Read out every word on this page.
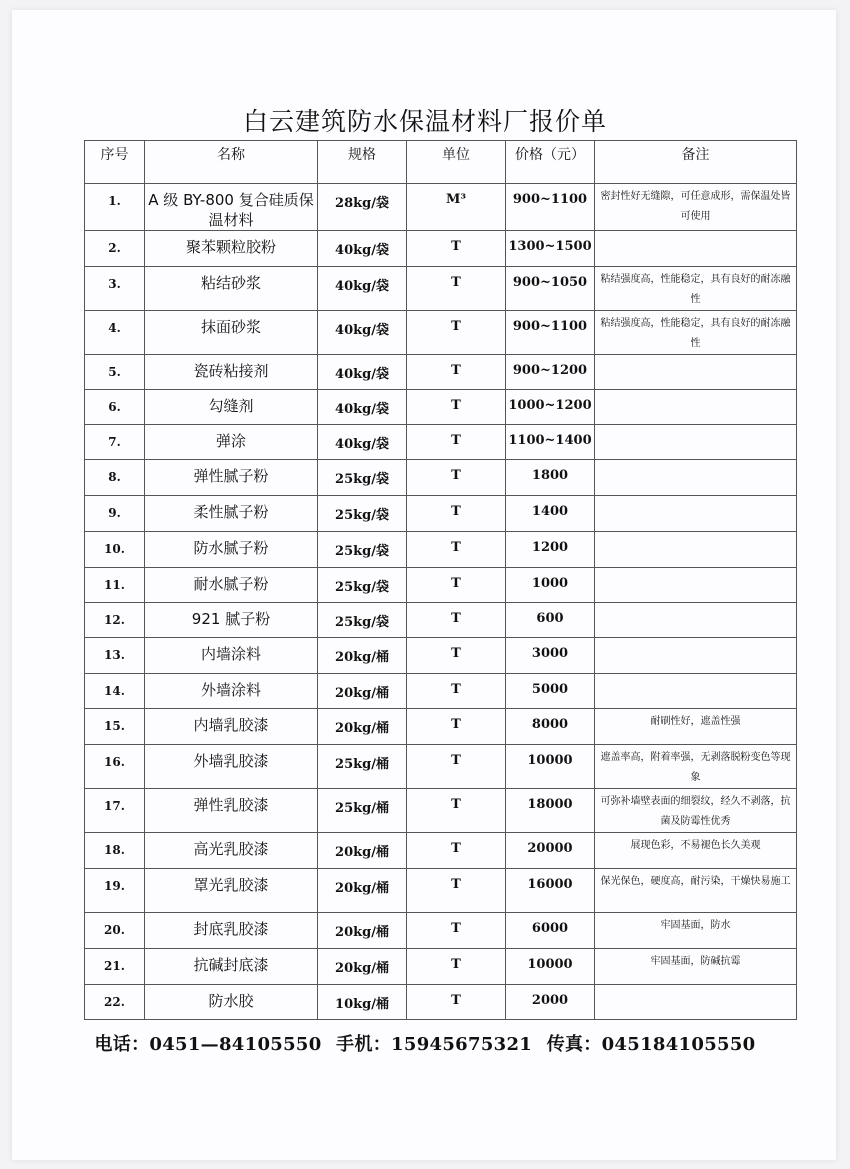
白云建筑防水保温材料厂报价单
序号	名称	规格	单位	价格（元）	备注
1.	A 级 BY-800 复合硅质保温材料	28kg/袋	M³	900~1100	密封性好无缝隙，可任意成形，需保温处皆可使用
2.	聚苯颗粒胶粉	40kg/袋	T	1300~1500	
3.	粘结砂浆	40kg/袋	T	900~1050	粘结强度高，性能稳定，具有良好的耐冻融性
4.	抹面砂浆	40kg/袋	T	900~1100	粘结强度高，性能稳定，具有良好的耐冻融性
5.	瓷砖粘接剂	40kg/袋	T	900~1200	
6.	勾缝剂	40kg/袋	T	1000~1200	
7.	弹涂	40kg/袋	T	1100~1400	
8.	弹性腻子粉	25kg/袋	T	1800	
9.	柔性腻子粉	25kg/袋	T	1400	
10.	防水腻子粉	25kg/袋	T	1200	
11.	耐水腻子粉	25kg/袋	T	1000	
12.	921 腻子粉	25kg/袋	T	600	
13.	内墙涂料	20kg/桶	T	3000	
14.	外墙涂料	20kg/桶	T	5000	
15.	内墙乳胶漆	20kg/桶	T	8000	耐刷性好，遮盖性强
16.	外墙乳胶漆	25kg/桶	T	10000	遮盖率高，附着率强，无剥落脱粉变色等现象
17.	弹性乳胶漆	25kg/桶	T	18000	可弥补墙壁表面的细裂纹，经久不剥落，抗菌及防霉性优秀
18.	高光乳胶漆	20kg/桶	T	20000	展现色彩，不易褪色长久美观
19.	罩光乳胶漆	20kg/桶	T	16000	保光保色，硬度高，耐污染，干燥快易施工
20.	封底乳胶漆	20kg/桶	T	6000	牢固基面，防水
21.	抗碱封底漆	20kg/桶	T	10000	牢固基面，防碱抗霉
22.	防水胶	10kg/桶	T	2000	
电话：0451—84105550 手机：15945675321 传真：045184105550
